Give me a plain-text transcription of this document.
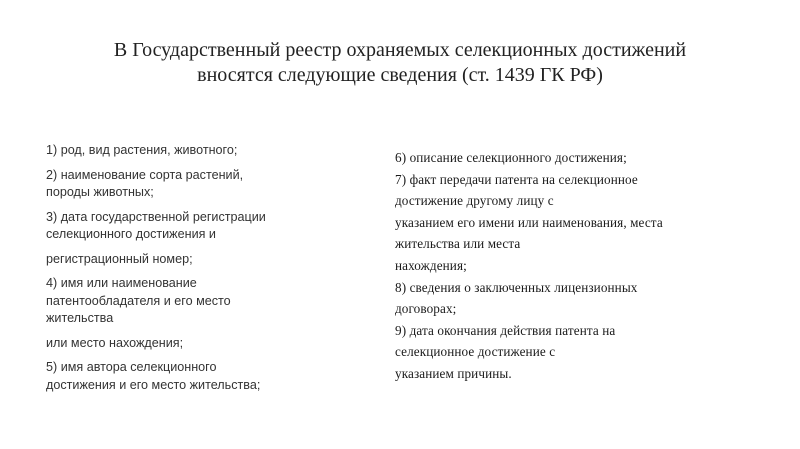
В Государственный реестр охраняемых селекционных достижений
вносятся следующие сведения (ст. 1439 ГК РФ)
1) род, вид растения, животного;
2) наименование сорта растений,
породы животных;
3) дата государственной регистрации
селекционного достижения и
регистрационный номер;
4) имя или наименование
патентообладателя и его место
жительства
или место нахождения;
5) имя автора селекционного
достижения и его место жительства;
6) описание селекционного достижения;
7) факт передачи патента на селекционное
достижение другому лицу с
указанием его имени или наименования, места
жительства или места
нахождения;
8) сведения о заключенных лицензионных
договорах;
9) дата окончания действия патента на
селекционное достижение с
указанием причины.
